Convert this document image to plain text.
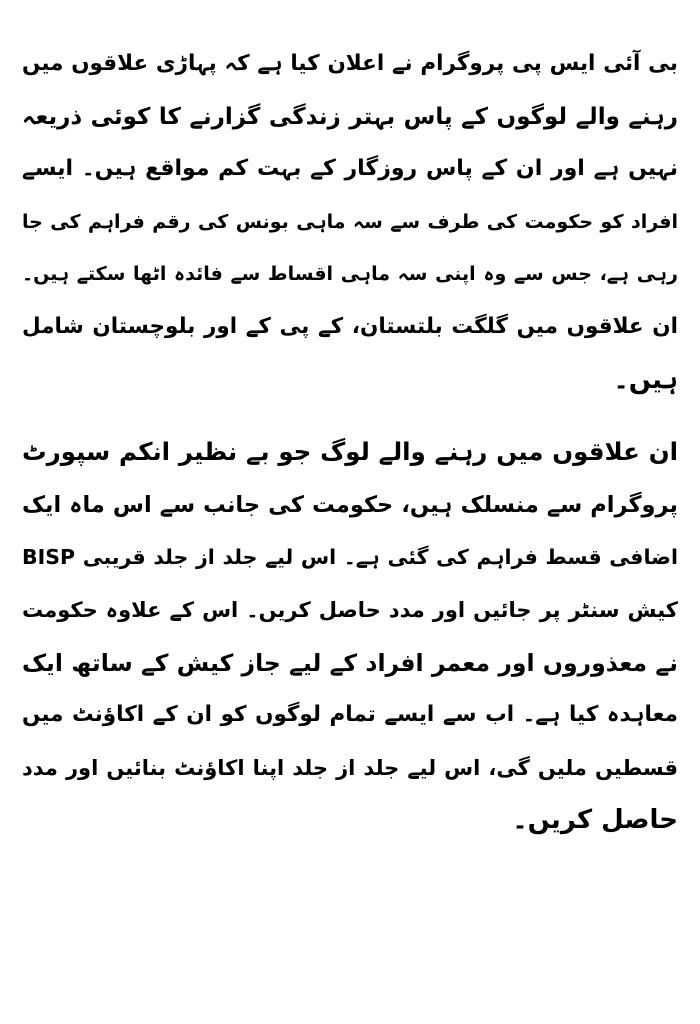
بی آئی ایس پی پروگرام نے اعلان کیا ہے کہ پہاڑی علاقوں میں
رہنے والے لوگوں کے پاس بہتر زندگی گزارنے کا کوئی ذریعہ
نہیں ہے اور ان کے پاس روزگار کے بہت کم مواقع ہیں۔ ایسے
افراد کو حکومت کی طرف سے سہ ماہی بونس کی رقم فراہم کی جا
رہی ہے، جس سے وہ اپنی سہ ماہی اقساط سے فائدہ اٹھا سکتے ہیں۔
ان علاقوں میں گلگت بلتستان، کے پی کے اور بلوچستان شامل
ہیں۔
ان علاقوں میں رہنے والے لوگ جو بے نظیر انکم سپورٹ
پروگرام سے منسلک ہیں، حکومت کی جانب سے اس ماہ ایک
اضافی قسط فراہم کی گئی ہے۔ اس لیے جلد از جلد قریبی BISP
کیش سنٹر پر جائیں اور مدد حاصل کریں۔ اس کے علاوہ حکومت
نے معذوروں اور معمر افراد کے لیے جاز کیش کے ساتھ ایک
معاہدہ کیا ہے۔ اب سے ایسے تمام لوگوں کو ان کے اکاؤنٹ میں
قسطیں ملیں گی، اس لیے جلد از جلد اپنا اکاؤنٹ بنائیں اور مدد
حاصل کریں۔
